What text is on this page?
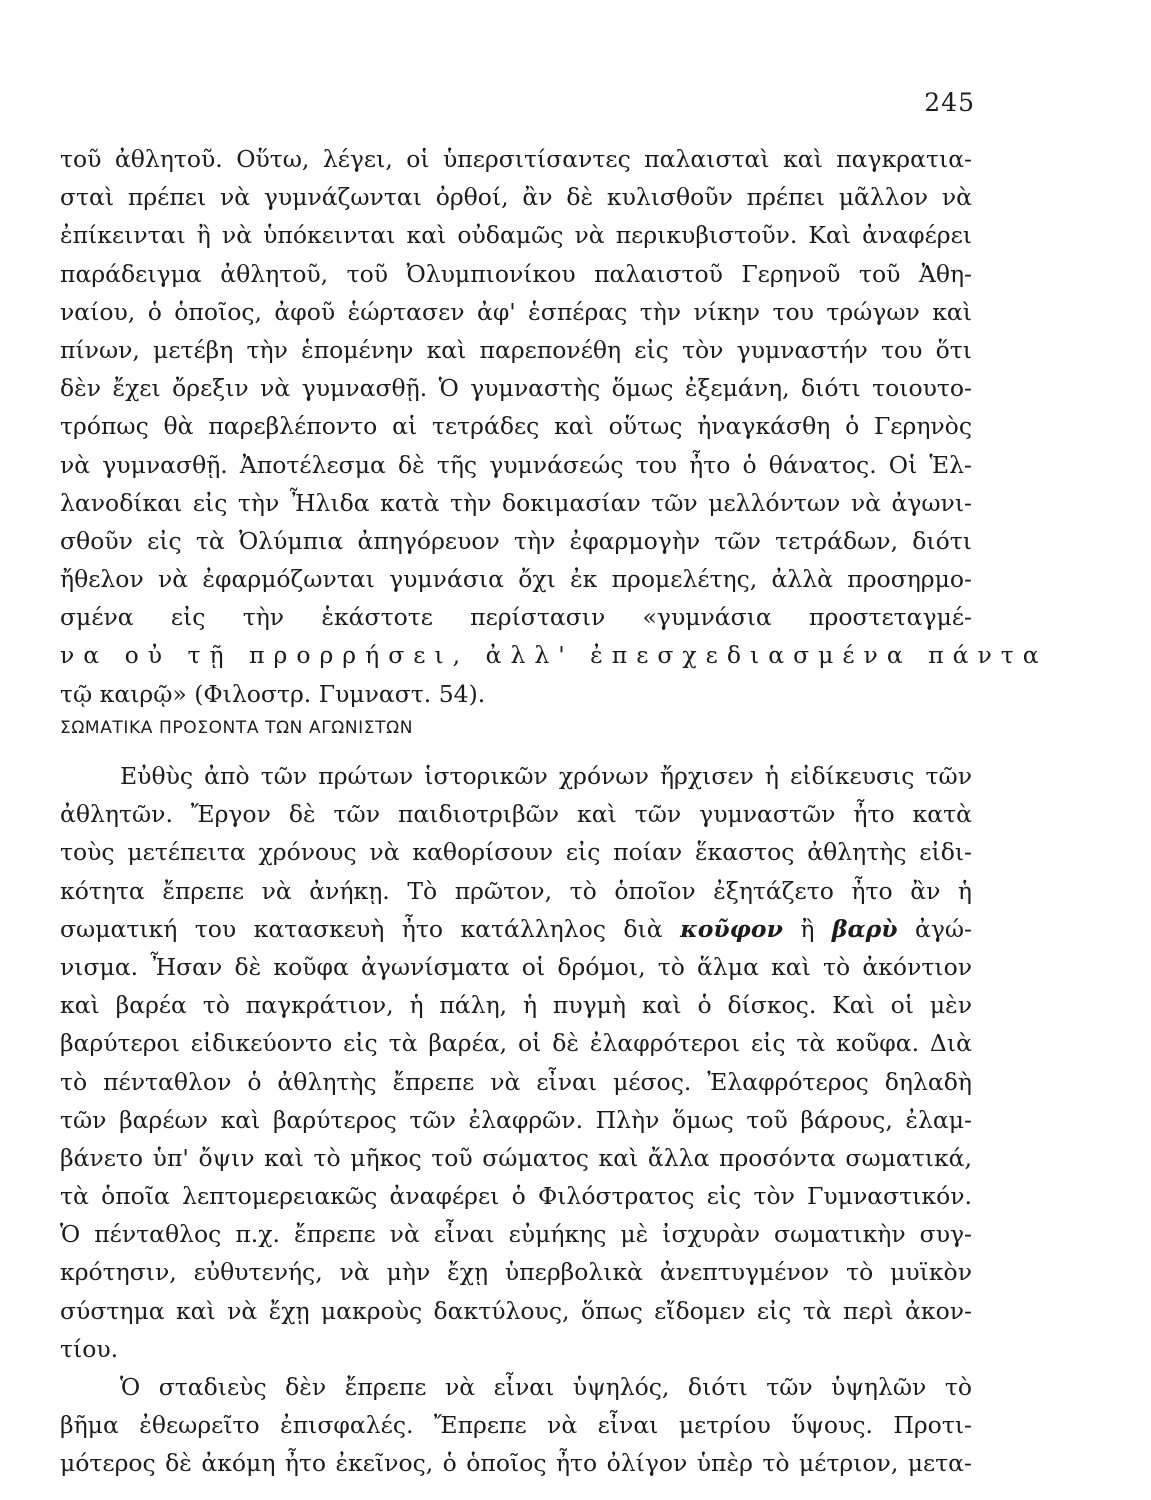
245
τοῦ ἀθλητοῦ. Οὕτω, λέγει, οἱ ὑπερσιτίσαντες παλαισταὶ καὶ παγκρατια-
σταὶ πρέπει νὰ γυμνάζωνται ὀρθοί, ἂν δὲ κυλισθοῦν πρέπει μᾶλλον νὰ
ἐπίκεινται ἢ νὰ ὑπόκεινται καὶ οὐδαμῶς νὰ περικυβιστοῦν. Καὶ ἀναφέρει
παράδειγμα ἀθλητοῦ, τοῦ Ὀλυμπιονίκου παλαιστοῦ Γερηνοῦ τοῦ Ἀθη-
ναίου, ὁ ὁποῖος, ἀφοῦ ἑώρτασεν ἀφ' ἑσπέρας τὴν νίκην του τρώγων καὶ
πίνων, μετέβη τὴν ἑπομένην καὶ παρεπονέθη εἰς τὸν γυμναστήν του ὅτι
δὲν ἔχει ὄρεξιν νὰ γυμνασθῇ. Ὁ γυμναστὴς ὅμως ἐξεμάνη, διότι τοιουτο-
τρόπως θὰ παρεβλέποντο αἱ τετράδες καὶ οὕτως ἠναγκάσθη ὁ Γερηνὸς
νὰ γυμνασθῇ. Ἀποτέλεσμα δὲ τῆς γυμνάσεώς του ἦτο ὁ θάνατος. Οἱ Ἑλ-
λανοδίκαι εἰς τὴν Ἦλιδα κατὰ τὴν δοκιμασίαν τῶν μελλόντων νὰ ἀγωνι-
σθοῦν εἰς τὰ Ὀλύμπια ἀπηγόρευον τὴν ἐφαρμογὴν τῶν τετράδων, διότι
ἤθελον νὰ ἐφαρμόζωνται γυμνάσια ὄχι ἐκ προμελέτης, ἀλλὰ προσηρμο-
σμένα εἰς τὴν ἑκάστοτε περίστασιν «γυμνάσια προστεταγμέ-
να οὐ τῇ προρρήσει, ἀλλ' ἐπεσχεδιασμένα πάντα
τῷ καιρῷ» (Φιλοστρ. Γυμναστ. 54).
ΣΩΜΑΤΙΚΑ ΠΡΟΣΟΝΤΑ ΤΩΝ ΑΓΩΝΙΣΤΩΝ
Εὐθὺς ἀπὸ τῶν πρώτων ἱστορικῶν χρόνων ἤρχισεν ἡ εἰδίκευσις τῶν
ἀθλητῶν. Ἔργον δὲ τῶν παιδιοτριβῶν καὶ τῶν γυμναστῶν ἦτο κατὰ
τοὺς μετέπειτα χρόνους νὰ καθορίσουν εἰς ποίαν ἕκαστος ἀθλητὴς εἰδι-
κότητα ἔπρεπε νὰ ἀνήκῃ. Τὸ πρῶτον, τὸ ὁποῖον ἐξητάζετο ἦτο ἂν ἡ
σωματική του κατασκευὴ ἦτο κατάλληλος διὰ κοῦφον ἢ βαρὺ ἀγώ-
νισμα. Ἦσαν δὲ κοῦφα ἀγωνίσματα οἱ δρόμοι, τὸ ἅλμα καὶ τὸ ἀκόντιον
καὶ βαρέα τὸ παγκράτιον, ἡ πάλη, ἡ πυγμὴ καὶ ὁ δίσκος. Καὶ οἱ μὲν
βαρύτεροι εἰδικεύοντο εἰς τὰ βαρέα, οἱ δὲ ἐλαφρότεροι εἰς τὰ κοῦφα. Διὰ
τὸ πένταθλον ὁ ἀθλητὴς ἔπρεπε νὰ εἶναι μέσος. Ἐλαφρότερος δηλαδὴ
τῶν βαρέων καὶ βαρύτερος τῶν ἐλαφρῶν. Πλὴν ὅμως τοῦ βάρους, ἐλαμ-
βάνετο ὑπ' ὄψιν καὶ τὸ μῆκος τοῦ σώματος καὶ ἄλλα προσόντα σωματικά,
τὰ ὁποῖα λεπτομερειακῶς ἀναφέρει ὁ Φιλόστρατος εἰς τὸν Γυμναστικόν.
Ὁ πένταθλος π.χ. ἔπρεπε νὰ εἶναι εὐμήκης μὲ ἰσχυρὰν σωματικὴν συγ-
κρότησιν, εὐθυτενής, νὰ μὴν ἔχῃ ὑπερβολικὰ ἀνεπτυγμένον τὸ μυϊκὸν
σύστημα καὶ νὰ ἔχῃ μακροὺς δακτύλους, ὅπως εἴδομεν εἰς τὰ περὶ ἀκον-
τίου.
Ὁ σταδιεὺς δὲν ἔπρεπε νὰ εἶναι ὑψηλός, διότι τῶν ὑψηλῶν τὸ
βῆμα ἐθεωρεῖτο ἐπισφαλές. Ἔπρεπε νὰ εἶναι μετρίου ὕψους. Προτι-
μότερος δὲ ἀκόμη ἦτο ἐκεῖνος, ὁ ὁποῖος ἦτο ὀλίγον ὑπὲρ τὸ μέτριον, μετα-
